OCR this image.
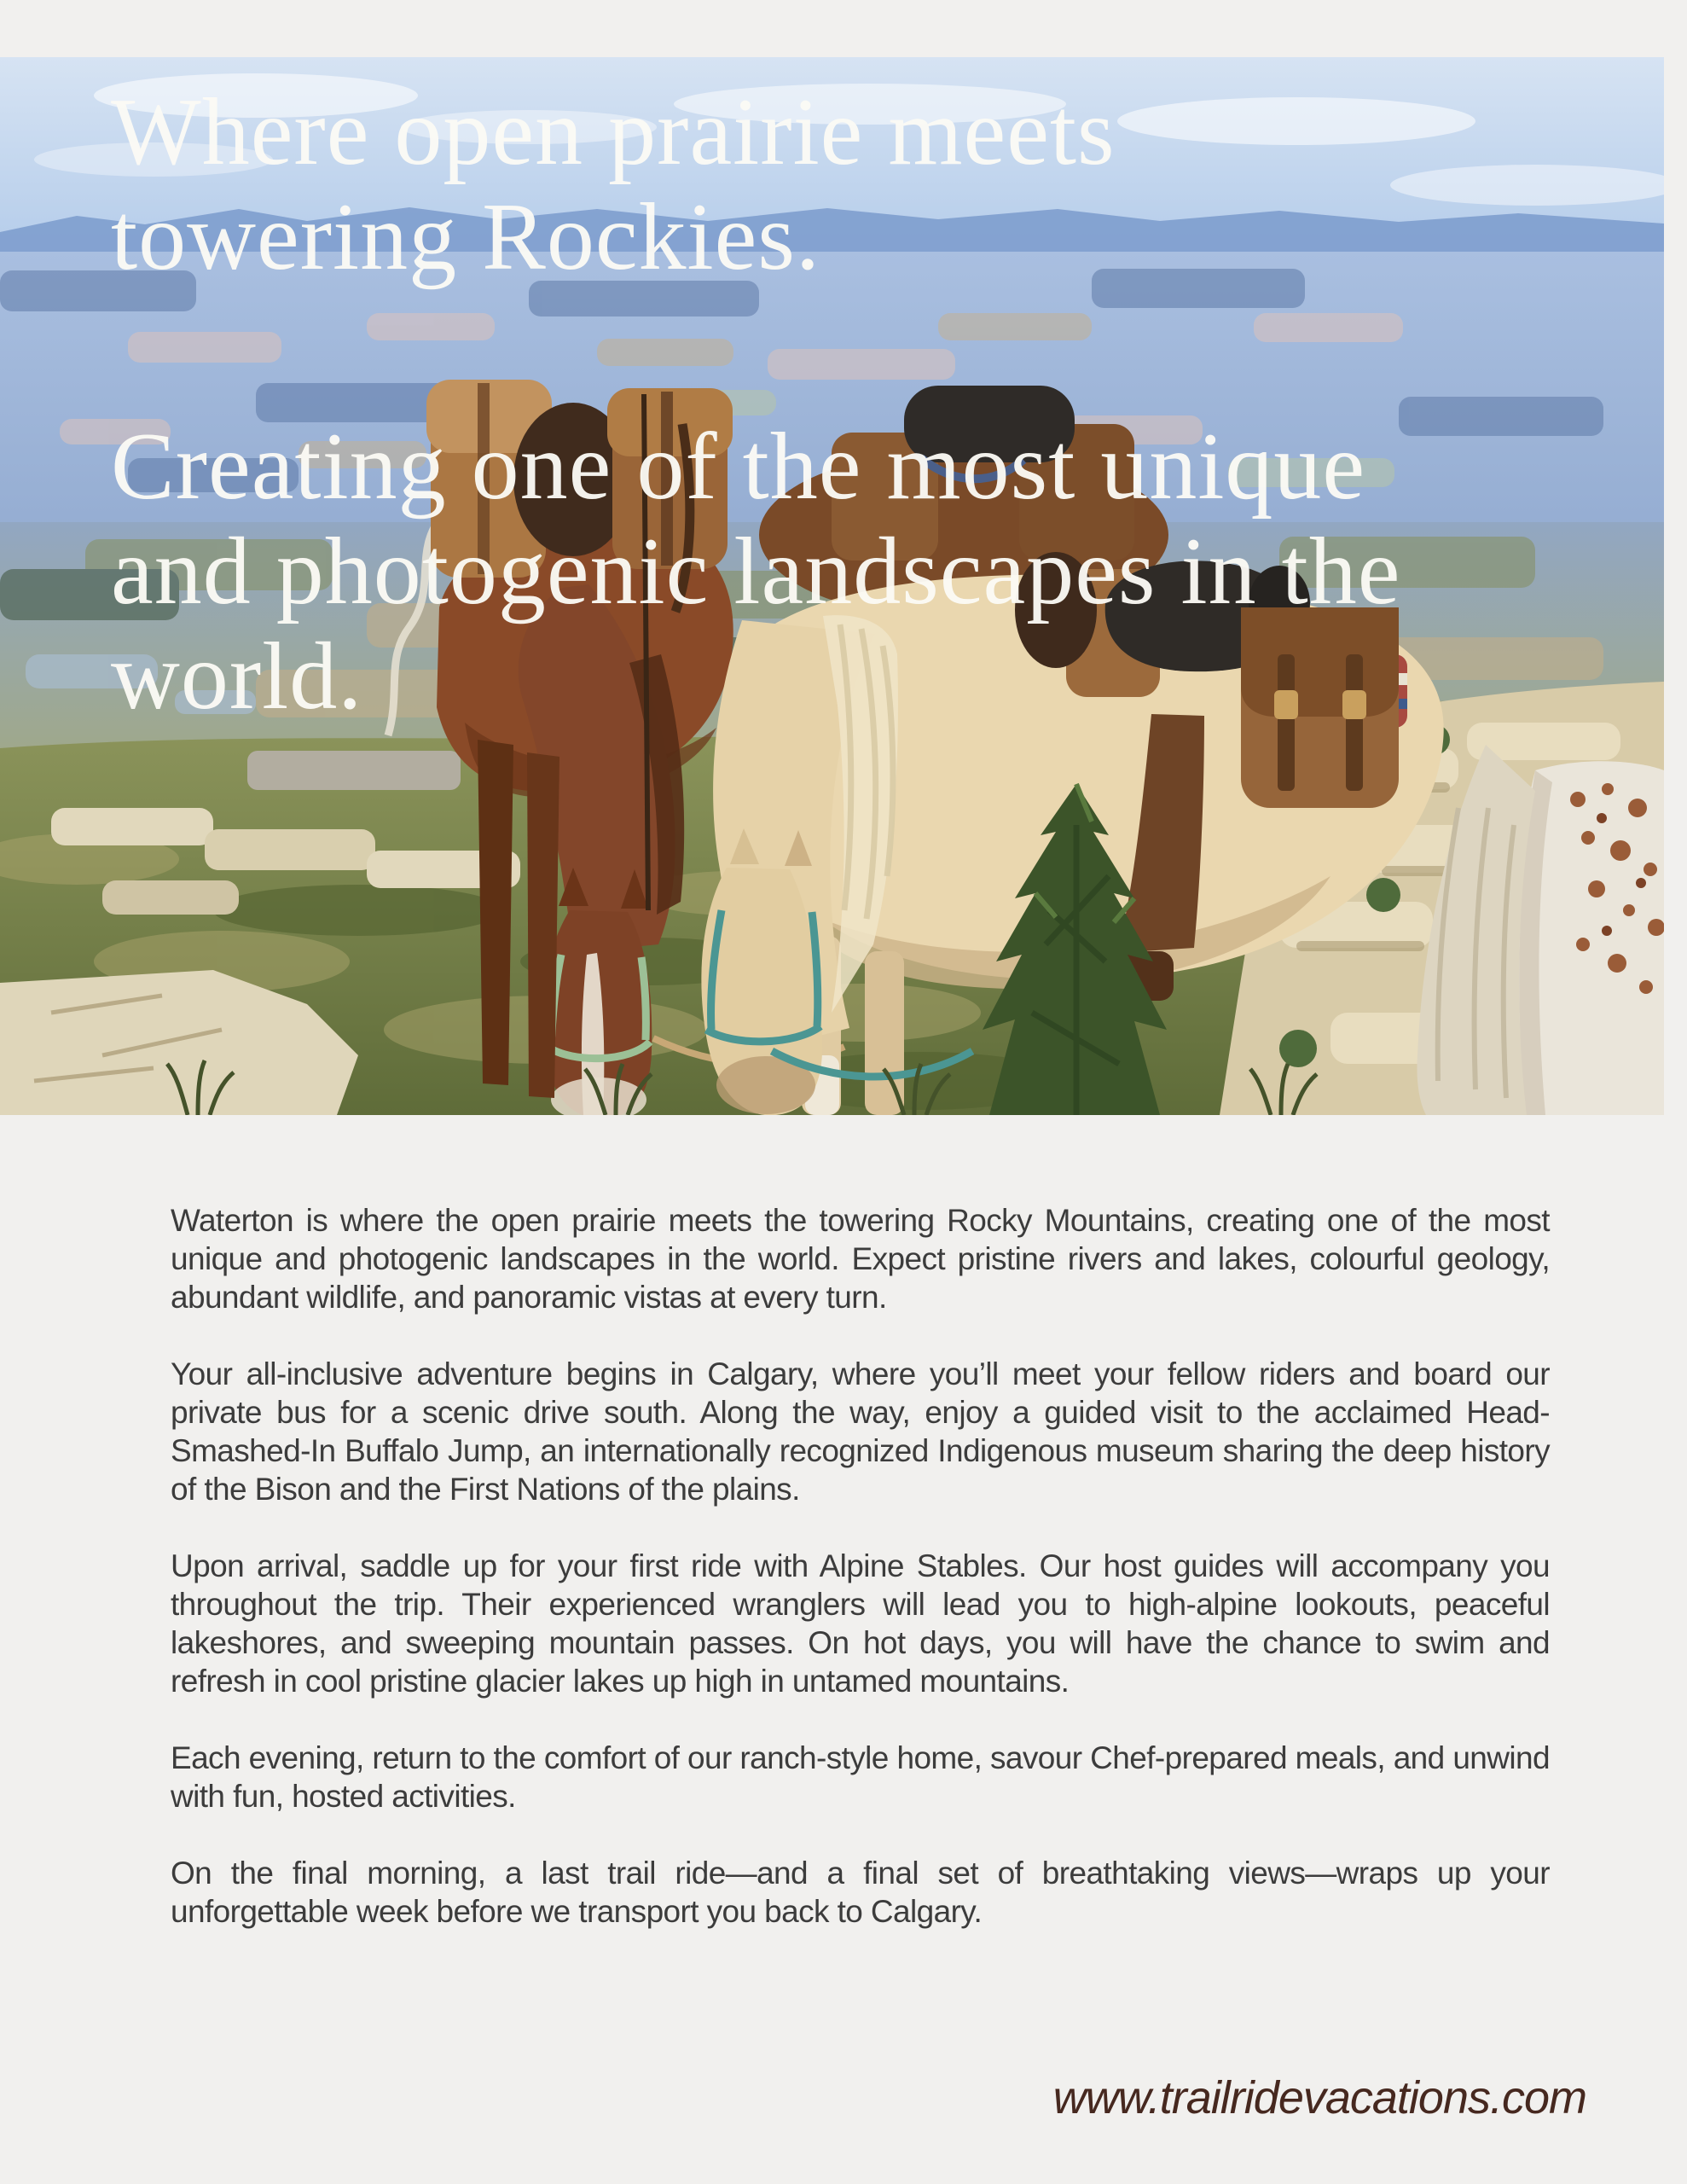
Where open prairie meets
towering Rockies.
Creating one of the most unique
and photogenic landscapes in the
world.

Waterton is where the open prairie meets the towering Rocky Mountains, creating one of the most unique and photogenic landscapes in the world. Expect pristine rivers and lakes, colourful geology, abundant wildlife, and panoramic vistas at every turn.

Your all-inclusive adventure begins in Calgary, where you’ll meet your fellow riders and board our private bus for a scenic drive south. Along the way, enjoy a guided visit to the acclaimed Head-Smashed-In Buffalo Jump, an internationally recognized Indigenous museum sharing the deep history of the Bison and the First Nations of the plains.

Upon arrival, saddle up for your first ride with Alpine Stables. Our host guides will accompany you throughout the trip. Their experienced wranglers will lead you to high-alpine lookouts, peaceful lakeshores, and sweeping mountain passes. On hot days, you will have the chance to swim and refresh in cool pristine glacier lakes up high in untamed mountains.

Each evening, return to the comfort of our ranch-style home, savour Chef-prepared meals, and unwind with fun, hosted activities.

On the final morning, a last trail ride—and a final set of breathtaking views—wraps up your unforgettable week before we transport you back to Calgary.

www.trailridevacations.com
